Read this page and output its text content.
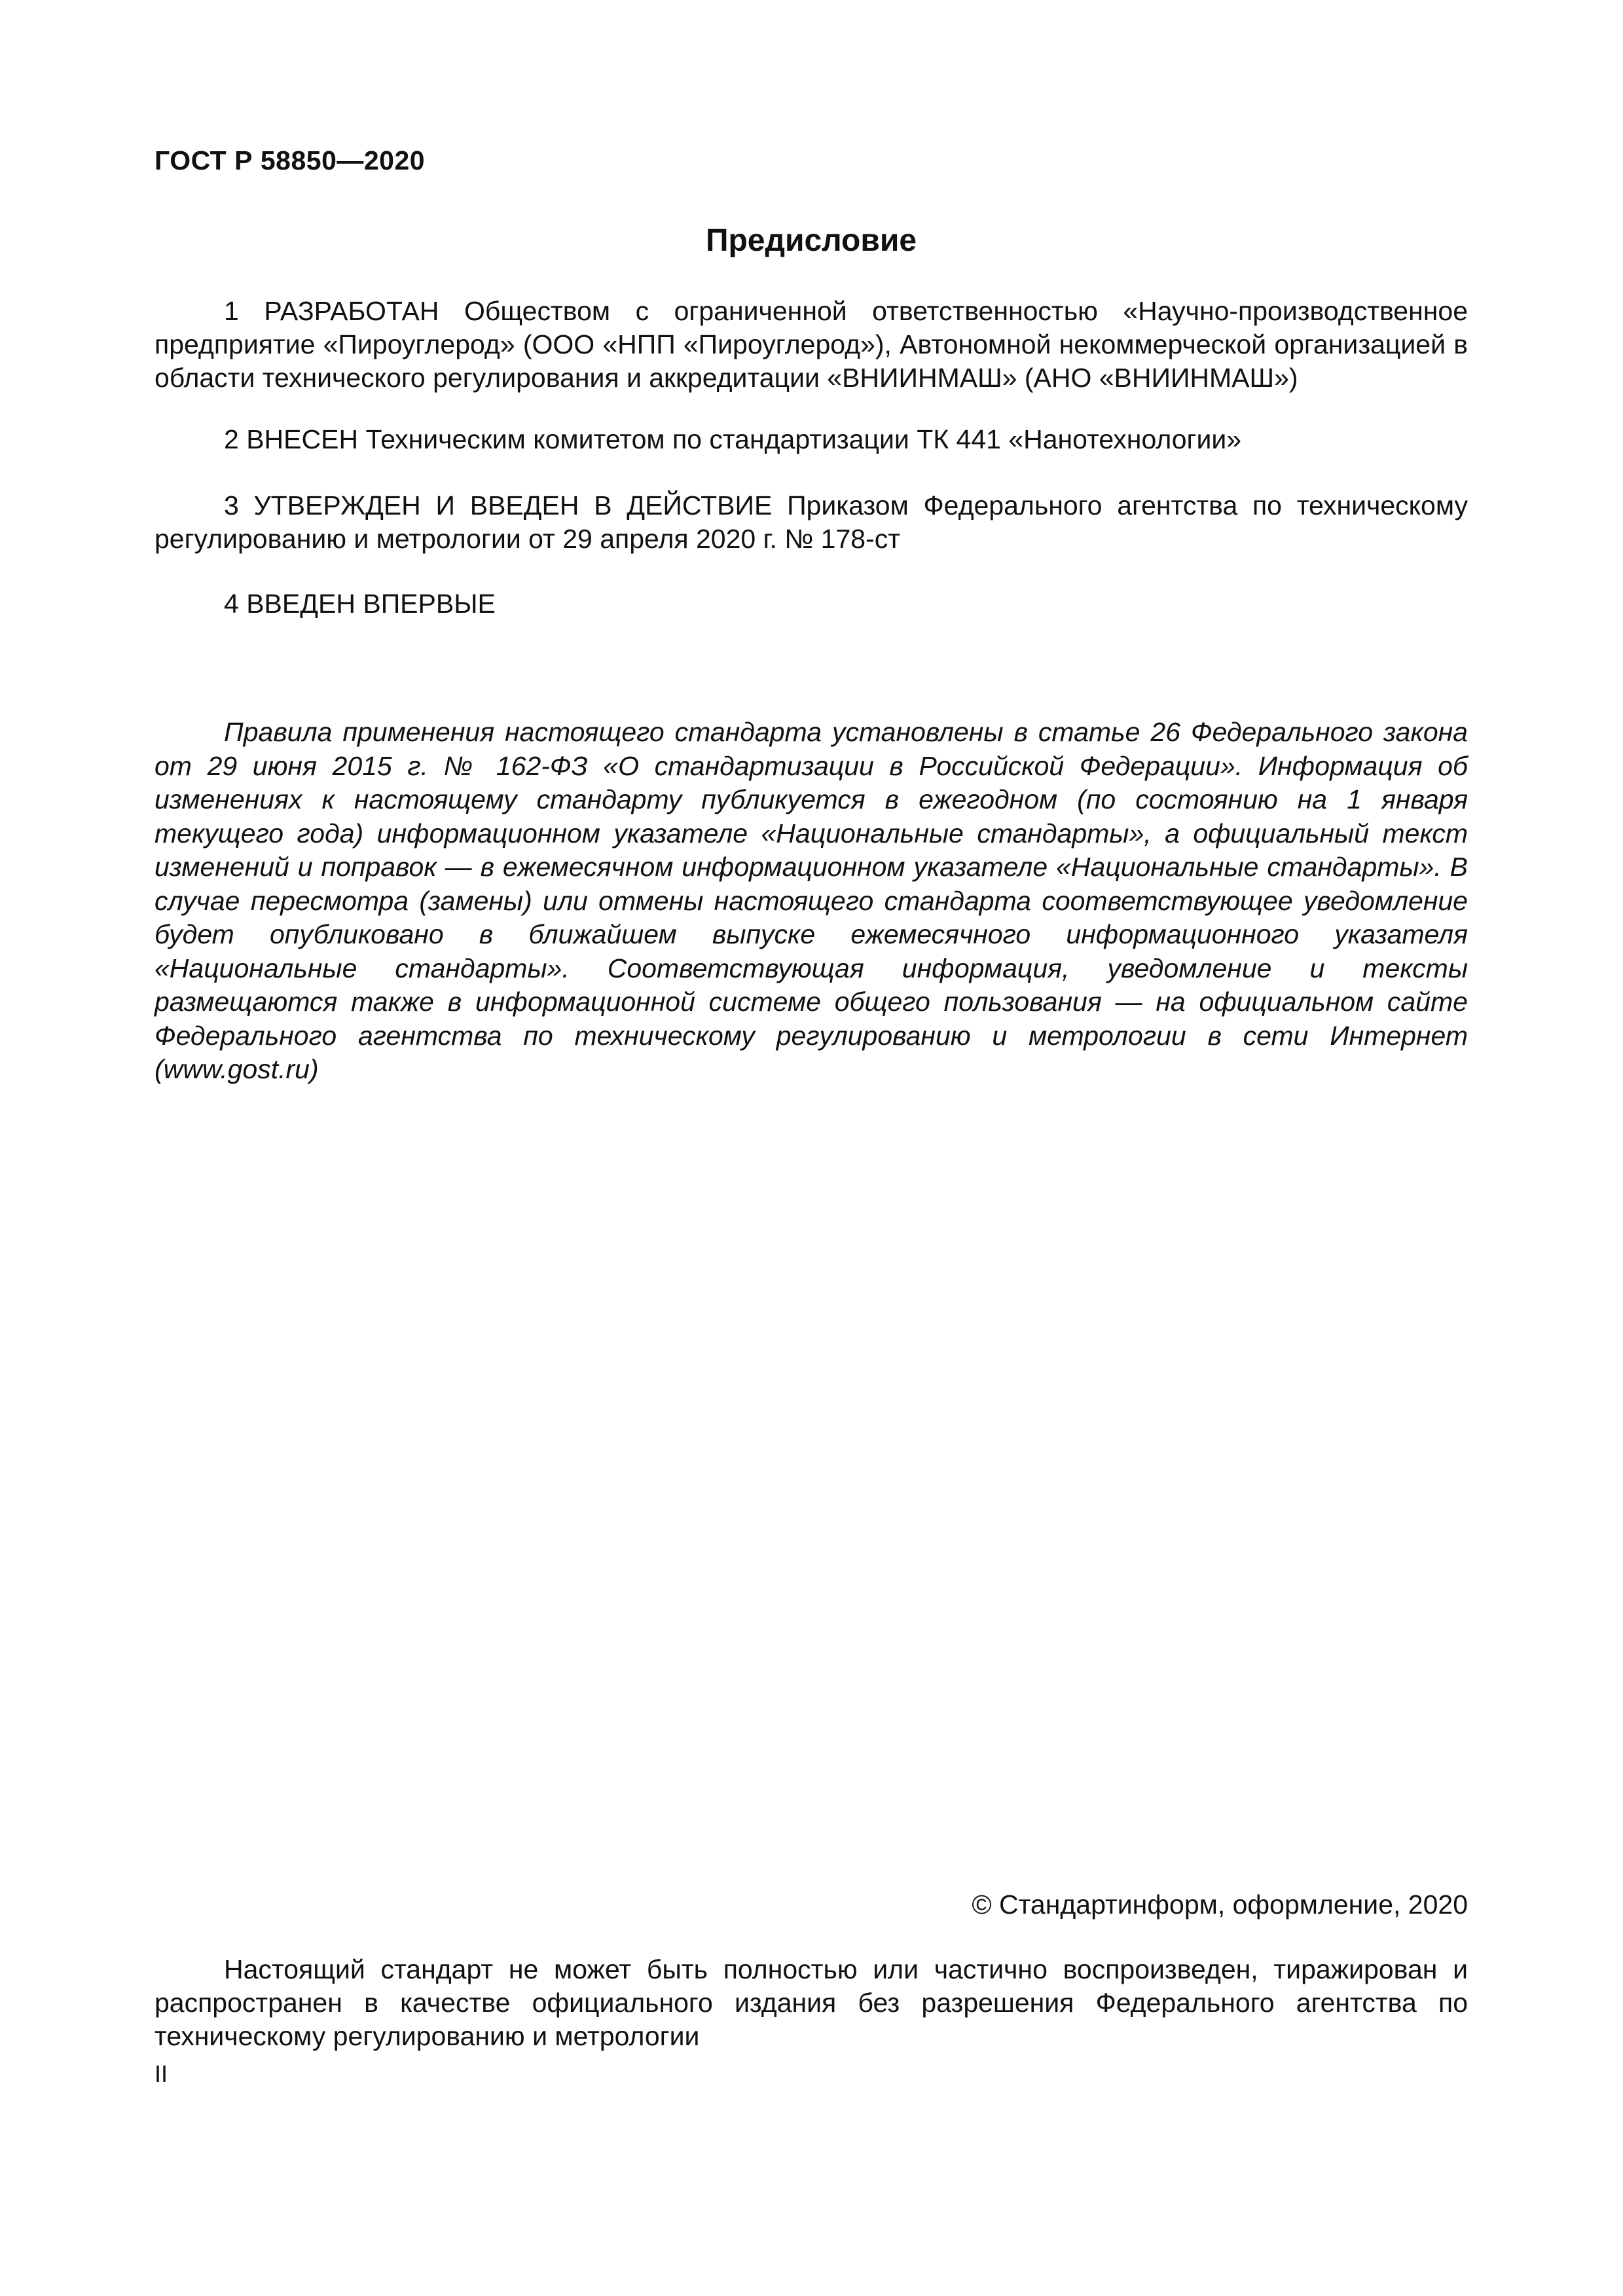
ГОСТ Р 58850—2020
Предисловие

1 РАЗРАБОТАН Обществом с ограниченной ответственностью «Научно-производственное предприятие «Пироуглерод» (ООО «НПП «Пироуглерод»), Автономной некоммерческой организацией в области технического регулирования и аккредитации «ВНИИНМАШ» (АНО «ВНИИНМАШ»)

2 ВНЕСЕН Техническим комитетом по стандартизации ТК 441 «Нанотехнологии»

3 УТВЕРЖДЕН И ВВЕДЕН В ДЕЙСТВИЕ Приказом Федерального агентства по техническому регулированию и метрологии от 29 апреля 2020 г. № 178-ст

4 ВВЕДЕН ВПЕРВЫЕ

Правила применения настоящего стандарта установлены в статье 26 Федерального закона от 29 июня 2015 г. № 162-ФЗ «О стандартизации в Российской Федерации». Информация об изменениях к настоящему стандарту публикуется в ежегодном (по состоянию на 1 января текущего года) информационном указателе «Национальные стандарты», а официальный текст изменений и поправок — в ежемесячном информационном указателе «Национальные стандарты». В случае пересмотра (замены) или отмены настоящего стандарта соответствующее уведомление будет опубликовано в ближайшем выпуске ежемесячного информационного указателя «Национальные стандарты». Соответствующая информация, уведомление и тексты размещаются также в информационной системе общего пользования — на официальном сайте Федерального агентства по техническому регулированию и метрологии в сети Интернет (www.gost.ru)

© Стандартинформ, оформление, 2020

Настоящий стандарт не может быть полностью или частично воспроизведен, тиражирован и распространен в качестве официального издания без разрешения Федерального агентства по техническому регулированию и метрологии

II
